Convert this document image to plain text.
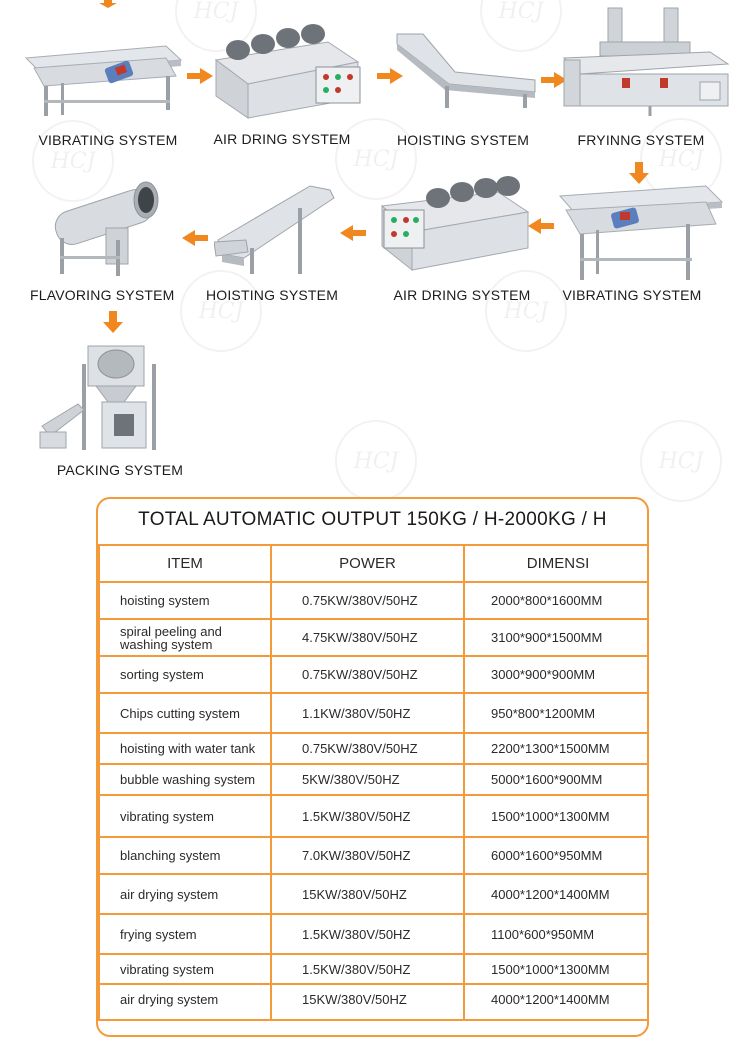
HCJ	HCJ
HCJ	HCJ	HCJ
HCJ	HCJ
HCJ	HCJ
VIBRATING SYSTEM	AIR DRING SYSTEM	HOISTING SYSTEM	FRYINNG SYSTEM
VIBRATING SYSTEM
AIR DRING SYSTEM
HOISTING SYSTEM
FLAVORING SYSTEM
PACKING SYSTEM
TOTAL AUTOMATIC OUTPUT 150KG / H-2000KG / H
ITEM	POWER	DIMENSI
hoisting system	0.75KW/380V/50HZ	2000*800*1600MM
spiral peeling and washing system	4.75KW/380V/50HZ	3100*900*1500MM
sorting system	0.75KW/380V/50HZ	3000*900*900MM
Chips cutting system	1.1KW/380V/50HZ	950*800*1200MM
hoisting with water tank	0.75KW/380V/50HZ	2200*1300*1500MM
bubble washing system	5KW/380V/50HZ	5000*1600*900MM
vibrating system	1.5KW/380V/50HZ	1500*1000*1300MM
blanching system	7.0KW/380V/50HZ	6000*1600*950MM
air drying system	15KW/380V/50HZ	4000*1200*1400MM
frying system	1.5KW/380V/50HZ	1100*600*950MM
vibrating system	1.5KW/380V/50HZ	1500*1000*1300MM
air drying system	15KW/380V/50HZ	4000*1200*1400MM
